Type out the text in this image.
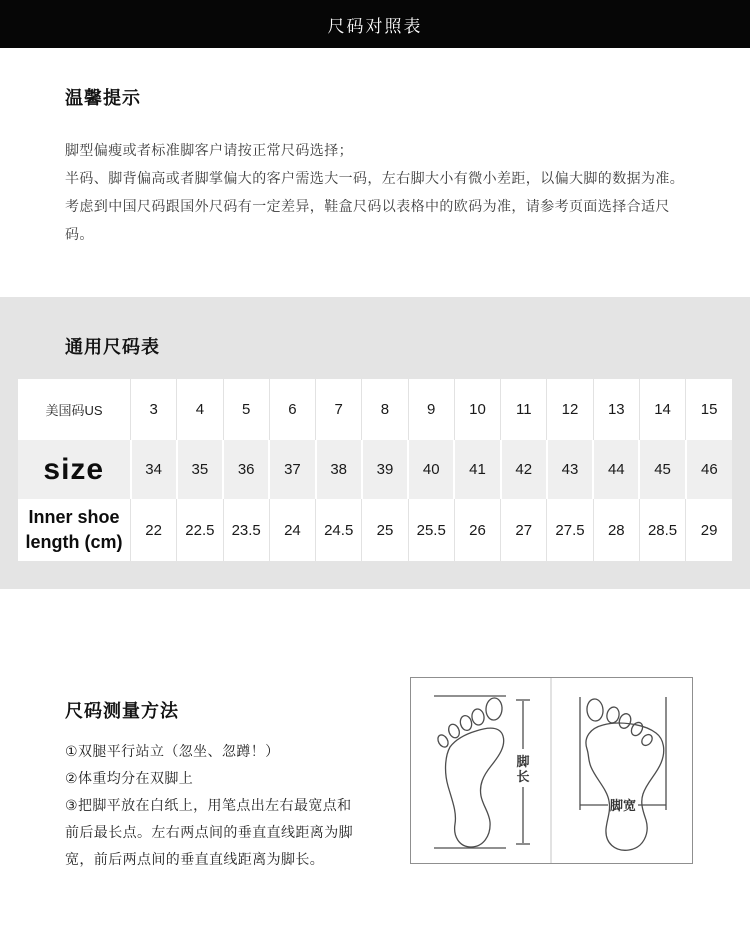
尺码对照表
温馨提示

脚型偏瘦或者标准脚客户请按正常尺码选择；

半码、脚背偏高或者脚掌偏大的客户需选大一码，左右脚大小有微小差距，以偏大脚的数据为准。考虑到中国尺码跟国外尺码有一定差异，鞋盒尺码以表格中的欧码为准，请参考页面选择合适尺码。

通用尺码表
美国码US	3	4	5	6	7	8	9	10	11	12	13	14	15
size	34	35	36	37	38	39	40	41	42	43	44	45	46
Inner shoe length (cm)	22	22.5	23.5	24	24.5	25	25.5	26	27	27.5	28	28.5	29
尺码测量方法

①双腿平行站立（忽坐、忽蹲！）

②体重均分在双脚上

③把脚平放在白纸上，用笔点出左右最宽点和前后最长点。左右两点间的垂直直线距离为脚宽，前后两点间的垂直直线距离为脚长。

脚
长
脚宽
